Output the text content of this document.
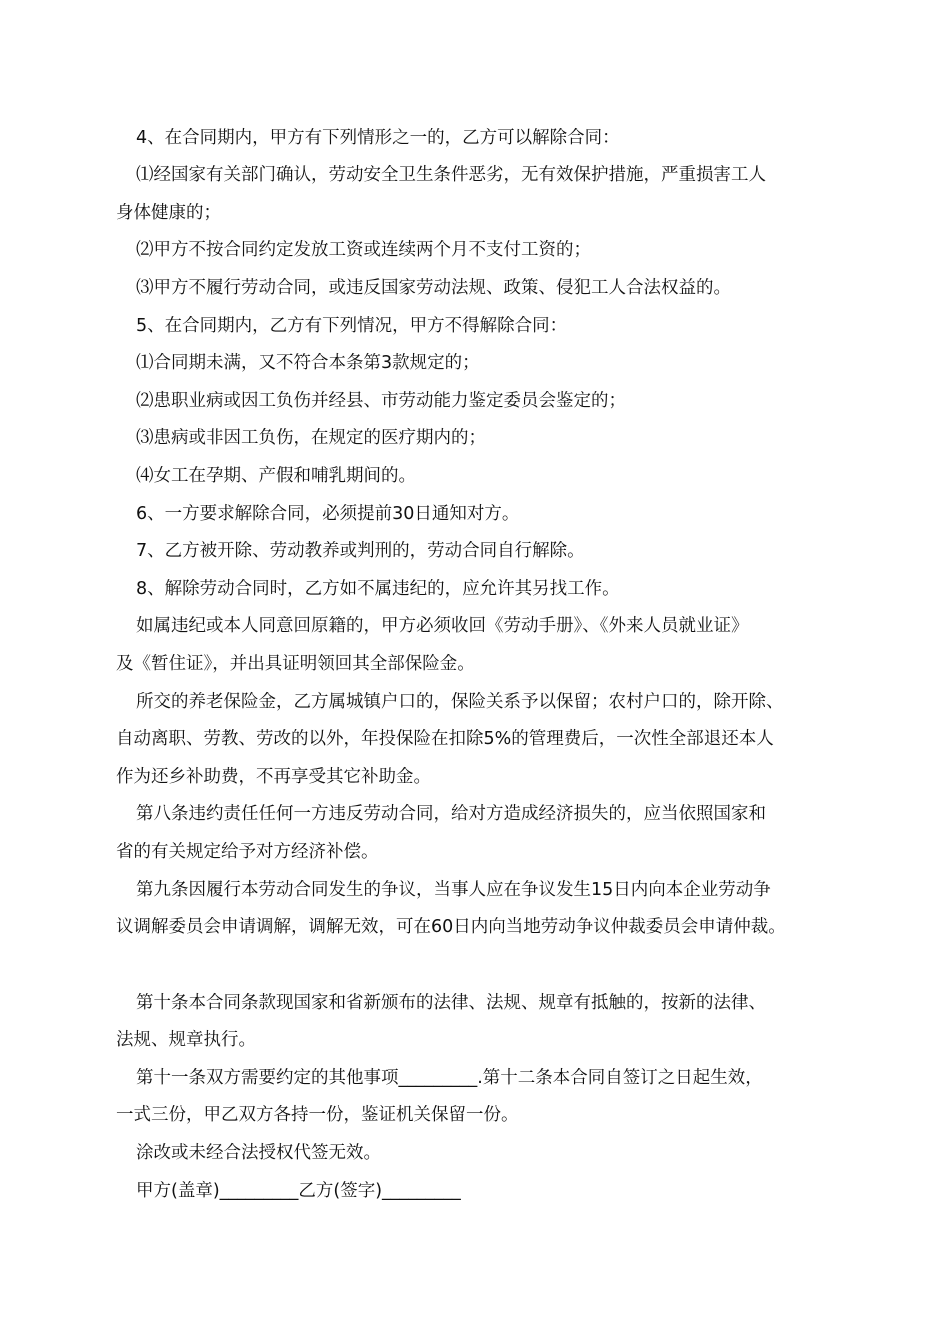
4、在合同期内，甲方有下列情形之一的，乙方可以解除合同：
⑴经国家有关部门确认，劳动安全卫生条件恶劣，无有效保护措施，严重损害工人
身体健康的；
⑵甲方不按合同约定发放工资或连续两个月不支付工资的；
⑶甲方不履行劳动合同，或违反国家劳动法规、政策、侵犯工人合法权益的。
5、在合同期内，乙方有下列情况，甲方不得解除合同：
⑴合同期未满，又不符合本条第3款规定的；
⑵患职业病或因工负伤并经县、市劳动能力鉴定委员会鉴定的；
⑶患病或非因工负伤，在规定的医疗期内的；
⑷女工在孕期、产假和哺乳期间的。
6、一方要求解除合同，必须提前30日通知对方。
7、乙方被开除、劳动教养或判刑的，劳动合同自行解除。
8、解除劳动合同时，乙方如不属违纪的，应允许其另找工作。
如属违纪或本人同意回原籍的，甲方必须收回《劳动手册》、《外来人员就业证》
及《暂住证》，并出具证明领回其全部保险金。
所交的养老保险金，乙方属城镇户口的，保险关系予以保留；农村户口的，除开除、
自动离职、劳教、劳改的以外，年投保险在扣除5%的管理费后，一次性全部退还本人
作为还乡补助费，不再享受其它补助金。
第八条违约责任任何一方违反劳动合同，给对方造成经济损失的，应当依照国家和
省的有关规定给予对方经济补偿。
第九条因履行本劳动合同发生的争议，当事人应在争议发生15日内向本企业劳动争
议调解委员会申请调解，调解无效，可在60日内向当地劳动争议仲裁委员会申请仲裁。
第十条本合同条款现国家和省新颁布的法律、法规、规章有抵触的，按新的法律、
法规、规章执行。
第十一条双方需要约定的其他事项_________.第十二条本合同自签订之日起生效，
一式三份，甲乙双方各持一份，鉴证机关保留一份。
涂改或未经合法授权代签无效。
甲方(盖章)_________乙方(签字)_________
